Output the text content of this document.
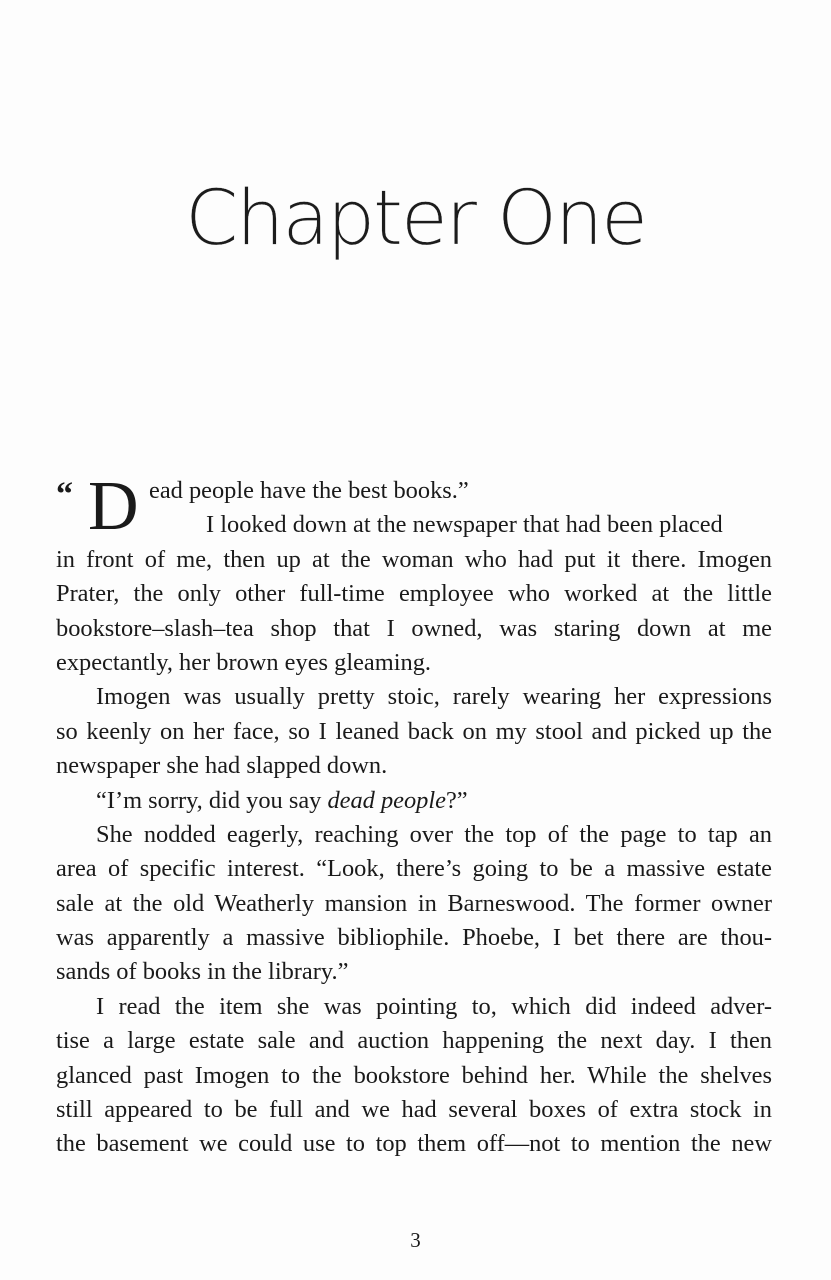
Chapter One
“ D ead people have the best books.”
I looked down at the newspaper that had been placed
in front of me, then up at the woman who had put it there. Imogen
Prater, the only other full-time employee who worked at the little
bookstore–slash–tea shop that I owned, was staring down at me
expectantly, her brown eyes gleaming.
Imogen was usually pretty stoic, rarely wearing her expressions
so keenly on her face, so I leaned back on my stool and picked up the
newspaper she had slapped down.
“I’m sorry, did you say dead people?”
She nodded eagerly, reaching over the top of the page to tap an
area of specific interest. “Look, there’s going to be a massive estate
sale at the old Weatherly mansion in Barneswood. The former owner
was apparently a massive bibliophile. Phoebe, I bet there are thou-
sands of books in the library.”
I read the item she was pointing to, which did indeed adver-
tise a large estate sale and auction happening the next day. I then
glanced past Imogen to the bookstore behind her. While the shelves
still appeared to be full and we had several boxes of extra stock in
the basement we could use to top them off—not to mention the new
3
